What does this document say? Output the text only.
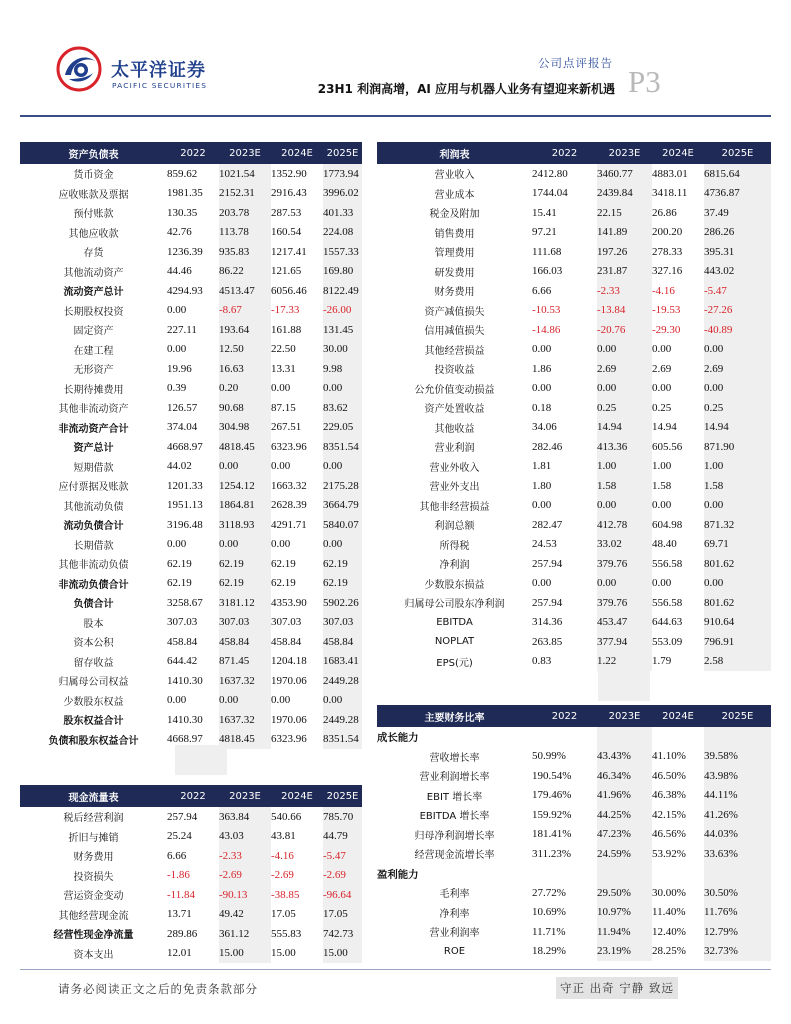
太平洋证券
PACIFIC SECURITIES
公司点评报告
23H1 利润高增，AI 应用与机器人业务有望迎来新机遇 P3
资产负债表	2022	2023E	2024E	2025E
货币资金	859.62	1021.54	1352.90	1773.94
应收账款及票据	1981.35	2152.31	2916.43	3996.02
预付账款	130.35	203.78	287.53	401.33
其他应收款	42.76	113.78	160.54	224.08
存货	1236.39	935.83	1217.41	1557.33
其他流动资产	44.46	86.22	121.65	169.80
流动资产总计	4294.93	4513.47	6056.46	8122.49
长期股权投资	0.00	-8.67	-17.33	-26.00
固定资产	227.11	193.64	161.88	131.45
在建工程	0.00	12.50	22.50	30.00
无形资产	19.96	16.63	13.31	9.98
长期待摊费用	0.39	0.20	0.00	0.00
其他非流动资产	126.57	90.68	87.15	83.62
非流动资产合计	374.04	304.98	267.51	229.05
资产总计	4668.97	4818.45	6323.96	8351.54
短期借款	44.02	0.00	0.00	0.00
应付票据及账款	1201.33	1254.12	1663.32	2175.28
其他流动负债	1951.13	1864.81	2628.39	3664.79
流动负债合计	3196.48	3118.93	4291.71	5840.07
长期借款	0.00	0.00	0.00	0.00
其他非流动负债	62.19	62.19	62.19	62.19
非流动负债合计	62.19	62.19	62.19	62.19
负债合计	3258.67	3181.12	4353.90	5902.26
股本	307.03	307.03	307.03	307.03
资本公积	458.84	458.84	458.84	458.84
留存收益	644.42	871.45	1204.18	1683.41
归属母公司权益	1410.30	1637.32	1970.06	2449.28
少数股东权益	0.00	0.00	0.00	0.00
股东权益合计	1410.30	1637.32	1970.06	2449.28
负债和股东权益合计	4668.97	4818.45	6323.96	8351.54
现金流量表	2022	2023E	2024E	2025E
税后经营利润	257.94	363.84	540.66	785.70
折旧与摊销	25.24	43.03	43.81	44.79
财务费用	6.66	-2.33	-4.16	-5.47
投资损失	-1.86	-2.69	-2.69	-2.69
营运资金变动	-11.84	-90.13	-38.85	-96.64
其他经营现金流	13.71	49.42	17.05	17.05
经营性现金净流量	289.86	361.12	555.83	742.73
资本支出	12.01	15.00	15.00	15.00
利润表	2022	2023E	2024E	2025E
营业收入	2412.80	3460.77	4883.01	6815.64
营业成本	1744.04	2439.84	3418.11	4736.87
税金及附加	15.41	22.15	26.86	37.49
销售费用	97.21	141.89	200.20	286.26
管理费用	111.68	197.26	278.33	395.31
研发费用	166.03	231.87	327.16	443.02
财务费用	6.66	-2.33	-4.16	-5.47
资产减值损失	-10.53	-13.84	-19.53	-27.26
信用减值损失	-14.86	-20.76	-29.30	-40.89
其他经营损益	0.00	0.00	0.00	0.00
投资收益	1.86	2.69	2.69	2.69
公允价值变动损益	0.00	0.00	0.00	0.00
资产处置收益	0.18	0.25	0.25	0.25
其他收益	34.06	14.94	14.94	14.94
营业利润	282.46	413.36	605.56	871.90
营业外收入	1.81	1.00	1.00	1.00
营业外支出	1.80	1.58	1.58	1.58
其他非经营损益	0.00	0.00	0.00	0.00
利润总额	282.47	412.78	604.98	871.32
所得税	24.53	33.02	48.40	69.71
净利润	257.94	379.76	556.58	801.62
少数股东损益	0.00	0.00	0.00	0.00
归属母公司股东净利润	257.94	379.76	556.58	801.62
EBITDA	314.36	453.47	644.63	910.64
NOPLAT	263.85	377.94	553.09	796.91
EPS(元)	0.83	1.22	1.79	2.58
主要财务比率	2022	2023E	2024E	2025E
成长能力				
营收增长率	50.99%	43.43%	41.10%	39.58%
营业利润增长率	190.54%	46.34%	46.50%	43.98%
EBIT 增长率	179.46%	41.96%	46.38%	44.11%
EBITDA 增长率	159.92%	44.25%	42.15%	41.26%
归母净利润增长率	181.41%	47.23%	46.56%	44.03%
经营现金流增长率	311.23%	24.59%	53.92%	33.63%
盈利能力				
毛利率	27.72%	29.50%	30.00%	30.50%
净利率	10.69%	10.97%	11.40%	11.76%
营业利润率	11.71%	11.94%	12.40%	12.79%
ROE	18.29%	23.19%	28.25%	32.73%
请务必阅读正文之后的免责条款部分	守正 出奇 宁静 致远
